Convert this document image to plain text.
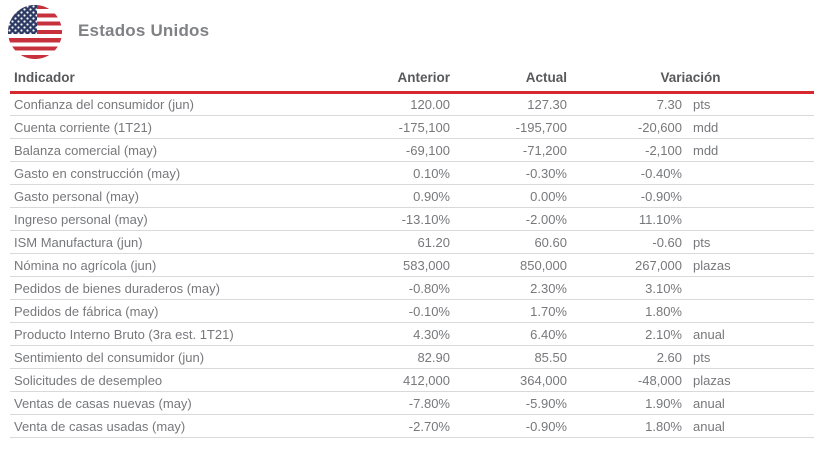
Estados Unidos
Indicador	Anterior	Actual	Variación	
Confianza del consumidor (jun)	120.00	127.30	7.30	pts
Cuenta corriente (1T21)	-175,100	-195,700	-20,600	mdd
Balanza comercial (may)	-69,100	-71,200	-2,100	mdd
Gasto en construcción (may)	0.10%	-0.30%	-0.40%	
Gasto personal (may)	0.90%	0.00%	-0.90%	
Ingreso personal (may)	-13.10%	-2.00%	11.10%	
ISM Manufactura (jun)	61.20	60.60	-0.60	pts
Nómina no agrícola (jun)	583,000	850,000	267,000	plazas
Pedidos de bienes duraderos (may)	-0.80%	2.30%	3.10%	
Pedidos de fábrica (may)	-0.10%	1.70%	1.80%	
Producto Interno Bruto (3ra est. 1T21)	4.30%	6.40%	2.10%	anual
Sentimiento del consumidor (jun)	82.90	85.50	2.60	pts
Solicitudes de desempleo	412,000	364,000	-48,000	plazas
Ventas de casas nuevas (may)	-7.80%	-5.90%	1.90%	anual
Venta de casas usadas (may)	-2.70%	-0.90%	1.80%	anual
